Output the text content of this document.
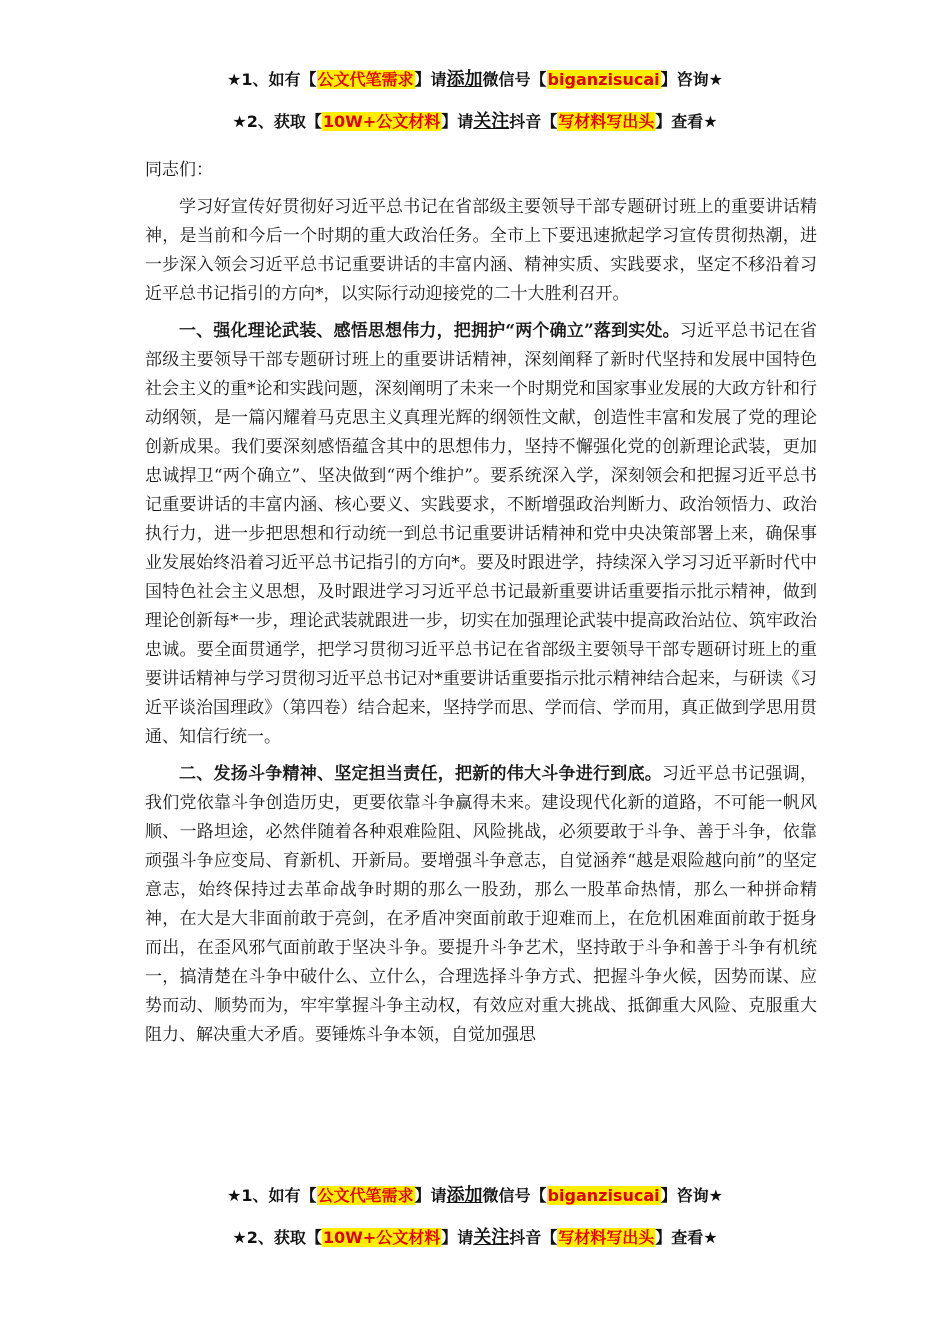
★1、如有【公文代笔需求】请添加微信号【biganzisucai】咨询★
★2、获取【10W+公文材料】请关注抖音【写材料写出头】查看★

同志们：

学习好宣传好贯彻好习近平总书记在省部级主要领导干部专题研讨班上的重要讲话精神，是当前和今后一个时期的重大政治任务。全市上下要迅速掀起学习宣传贯彻热潮，进一步深入领会习近平总书记重要讲话的丰富内涵、精神实质、实践要求，坚定不移沿着习近平总书记指引的方向*，以实际行动迎接党的二十大胜利召开。

一、强化理论武装、感悟思想伟力，把拥护“两个确立”落到实处。习近平总书记在省部级主要领导干部专题研讨班上的重要讲话精神，深刻阐释了新时代坚持和发展中国特色社会主义的重*论和实践问题，深刻阐明了未来一个时期党和国家事业发展的大政方针和行动纲领，是一篇闪耀着马克思主义真理光辉的纲领性文献，创造性丰富和发展了党的理论创新成果。我们要深刻感悟蕴含其中的思想伟力，坚持不懈强化党的创新理论武装，更加忠诚捍卫“两个确立”、坚决做到“两个维护”。要系统深入学，深刻领会和把握习近平总书记重要讲话的丰富内涵、核心要义、实践要求，不断增强政治判断力、政治领悟力、政治执行力，进一步把思想和行动统一到总书记重要讲话精神和党中央决策部署上来，确保事业发展始终沿着习近平总书记指引的方向*。要及时跟进学，持续深入学习习近平新时代中国特色社会主义思想，及时跟进学习习近平总书记最新重要讲话重要指示批示精神，做到理论创新每*一步，理论武装就跟进一步，切实在加强理论武装中提高政治站位、筑牢政治忠诚。要全面贯通学，把学习贯彻习近平总书记在省部级主要领导干部专题研讨班上的重要讲话精神与学习贯彻习近平总书记对*重要讲话重要指示批示精神结合起来，与研读《习近平谈治国理政》（第四卷）结合起来，坚持学而思、学而信、学而用，真正做到学思用贯通、知信行统一。

二、发扬斗争精神、坚定担当责任，把新的伟大斗争进行到底。习近平总书记强调，我们党依靠斗争创造历史，更要依靠斗争赢得未来。建设现代化新的道路，不可能一帆风顺、一路坦途，必然伴随着各种艰难险阻、风险挑战，必须要敢于斗争、善于斗争，依靠顽强斗争应变局、育新机、开新局。要增强斗争意志，自觉涵养“越是艰险越向前”的坚定意志，始终保持过去革命战争时期的那么一股劲，那么一股革命热情，那么一种拼命精神，在大是大非面前敢于亮剑，在矛盾冲突面前敢于迎难而上，在危机困难面前敢于挺身而出，在歪风邪气面前敢于坚决斗争。要提升斗争艺术，坚持敢于斗争和善于斗争有机统一，搞清楚在斗争中破什么、立什么，合理选择斗争方式、把握斗争火候，因势而谋、应势而动、顺势而为，牢牢掌握斗争主动权，有效应对重大挑战、抵御重大风险、克服重大阻力、解决重大矛盾。要锤炼斗争本领，自觉加强思

★1、如有【公文代笔需求】请添加微信号【biganzisucai】咨询★
★2、获取【10W+公文材料】请关注抖音【写材料写出头】查看★
